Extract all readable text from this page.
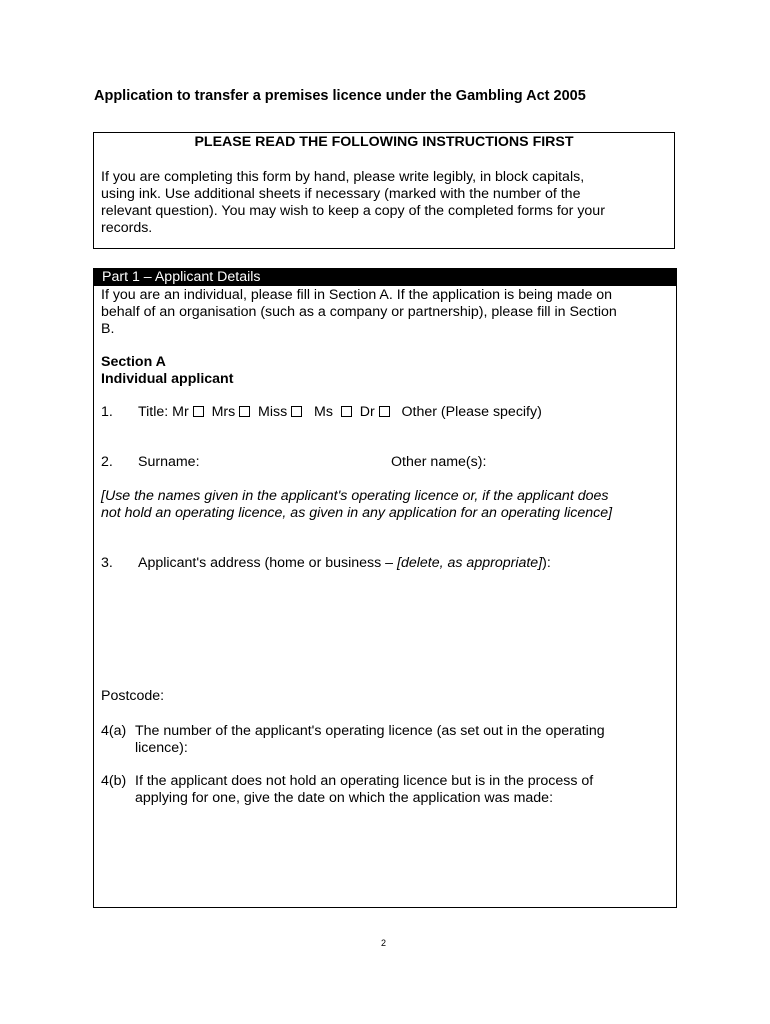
Application to transfer a premises licence under the Gambling Act 2005
PLEASE READ THE FOLLOWING INSTRUCTIONS FIRST
If you are completing this form by hand, please write legibly, in block capitals,
using ink. Use additional sheets if necessary (marked with the number of the
relevant question). You may wish to keep a copy of the completed forms for your
records.
Part 1 – Applicant Details
If you are an individual, please fill in Section A. If the application is being made on
behalf of an organisation (such as a company or partnership), please fill in Section
B.
Section A
Individual applicant
1. Title: Mr Mrs Miss Ms Dr Other (Please specify)
2. Surname:	Other name(s):
[Use the names given in the applicant's operating licence or, if the applicant does
not hold an operating licence, as given in any application for an operating licence]
3. Applicant's address (home or business – [delete, as appropriate]):
Postcode:
4(a) The number of the applicant's operating licence (as set out in the operating
licence):
4(b) If the applicant does not hold an operating licence but is in the process of
applying for one, give the date on which the application was made:
2
